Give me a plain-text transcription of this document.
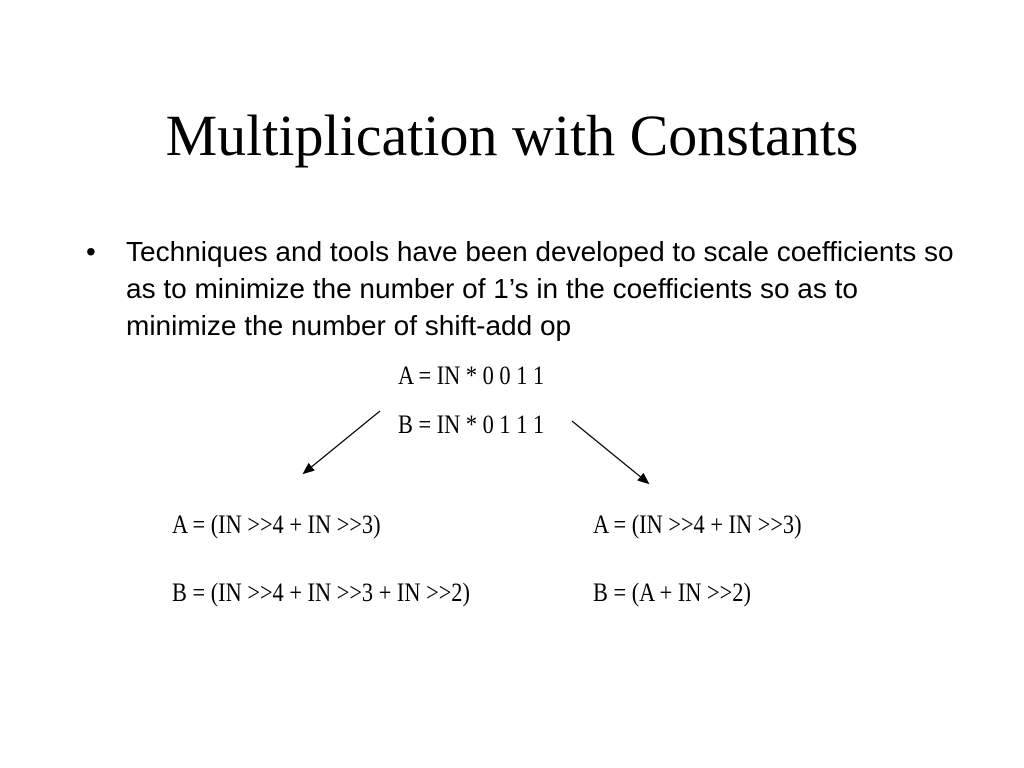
Multiplication with Constants
•	Techniques and tools have been developed to scale coefficients so as to minimize the number of 1’s in the coefficients so as to minimize the number of shift-add op
A = IN * 0 0 1 1
B = IN * 0 1 1 1
A = (IN >>4 + IN >>3)
B = (IN >>4 + IN >>3 + IN >>2)
A = (IN >>4 + IN >>3)
B = (A + IN >>2)
